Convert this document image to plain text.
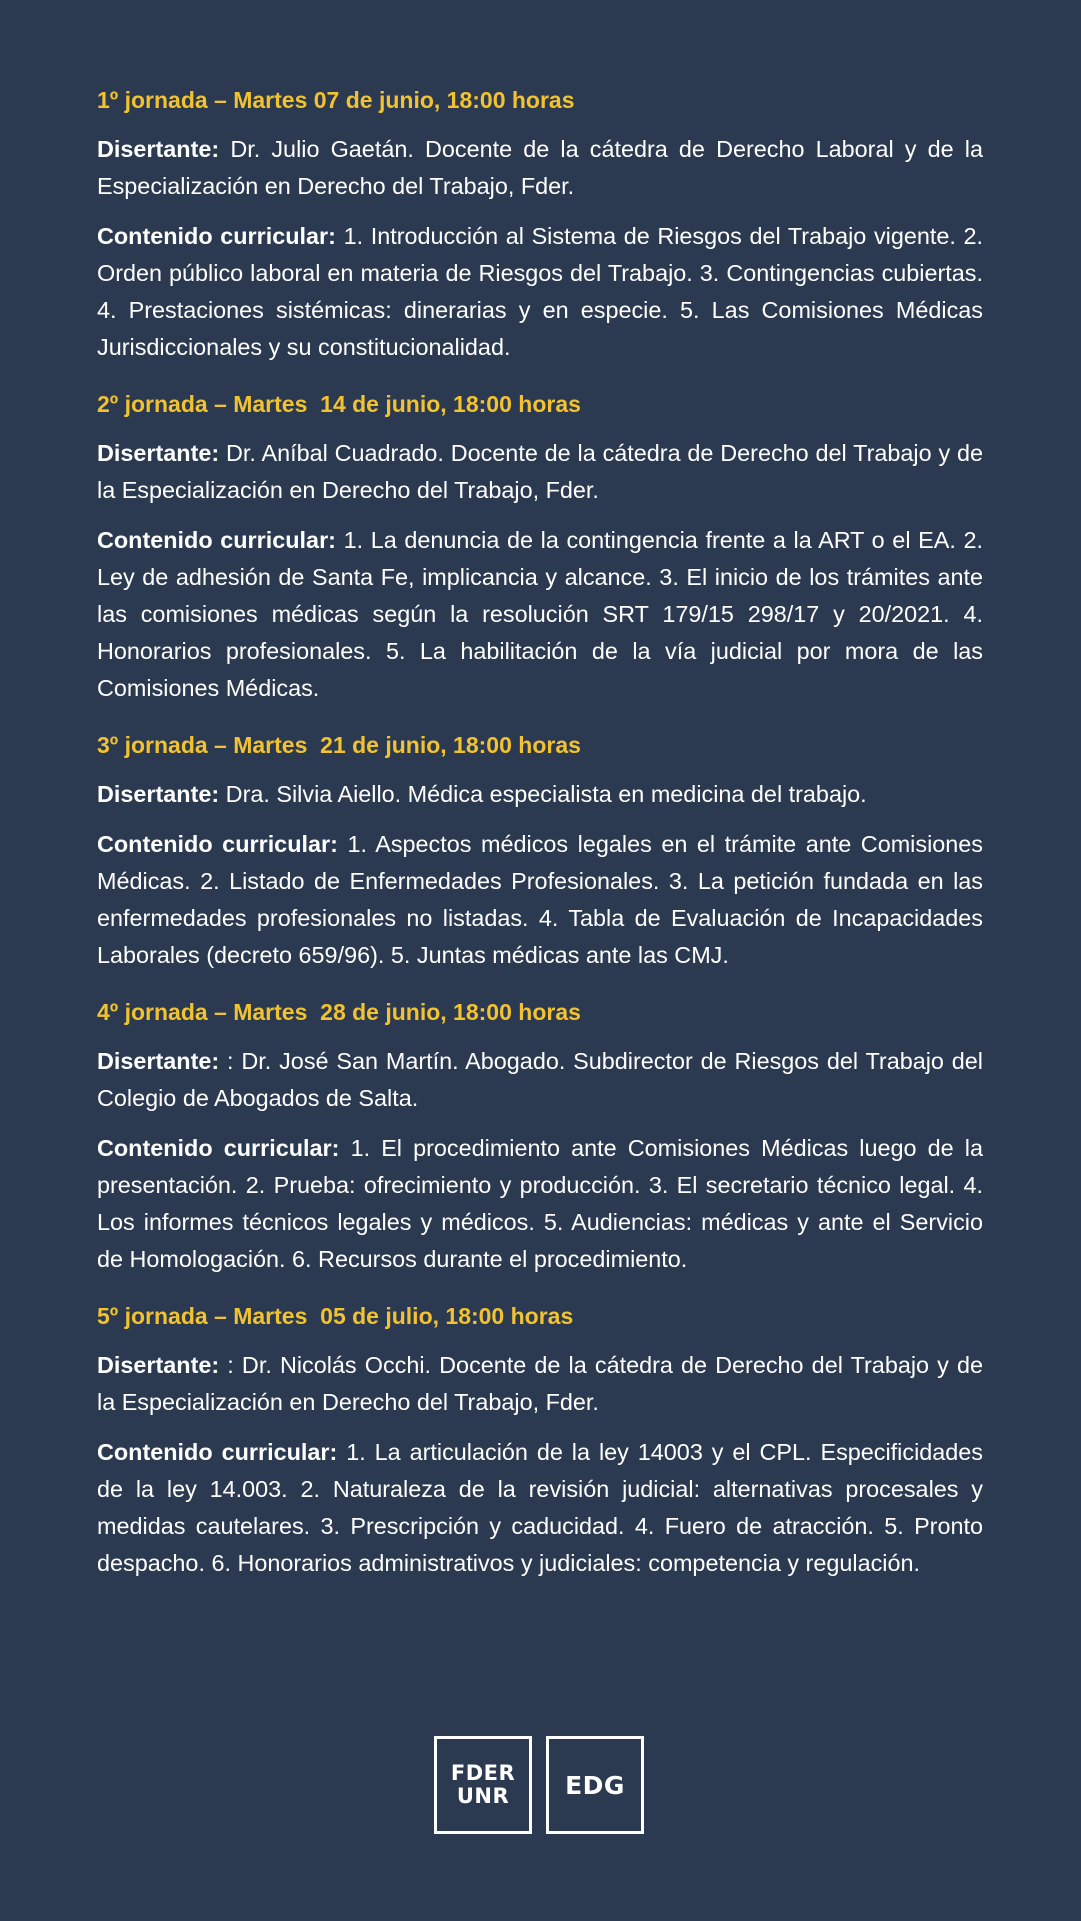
1º jornada – Martes 07 de junio, 18:00 horas

Disertante: Dr. Julio Gaetán. Docente de la cátedra de Derecho Laboral y de la Especialización en Derecho del Trabajo, Fder.

Contenido curricular: 1. Introducción al Sistema de Riesgos del Trabajo vigente. 2. Orden público laboral en materia de Riesgos del Trabajo. 3. Contingencias cubiertas. 4. Prestaciones sistémicas: dinerarias y en especie. 5. Las Comisiones Médicas Jurisdiccionales y su constitucionalidad.

2º jornada – Martes  14 de junio, 18:00 horas

Disertante: Dr. Aníbal Cuadrado. Docente de la cátedra de Derecho del Trabajo y de la Especialización en Derecho del Trabajo, Fder.

Contenido curricular: 1. La denuncia de la contingencia frente a la ART o el EA. 2. Ley de adhesión de Santa Fe, implicancia y alcance. 3. El inicio de los trámites ante las comisiones médicas según la resolución SRT 179/15 298/17 y 20/2021. 4. Honorarios profesionales. 5. La habilitación de la vía judicial por mora de las Comisiones Médicas.

3º jornada – Martes  21 de junio, 18:00 horas

Disertante: Dra. Silvia Aiello. Médica especialista en medicina del trabajo.

Contenido curricular: 1. Aspectos médicos legales en el trámite ante Comisiones Médicas. 2. Listado de Enfermedades Profesionales. 3. La petición fundada en las enfermedades profesionales no listadas. 4. Tabla de Evaluación de Incapacidades Laborales (decreto 659/96). 5. Juntas médicas ante las CMJ.

4º jornada – Martes  28 de junio, 18:00 horas

Disertante: : Dr. José San Martín. Abogado. Subdirector de Riesgos del Trabajo del Colegio de Abogados de Salta.

Contenido curricular: 1. El procedimiento ante Comisiones Médicas luego de la presentación. 2. Prueba: ofrecimiento y producción. 3. El secretario técnico legal. 4. Los informes técnicos legales y médicos. 5. Audiencias: médicas y ante el Servicio de Homologación. 6. Recursos durante el procedimiento.

5º jornada – Martes  05 de julio, 18:00 horas

Disertante: : Dr. Nicolás Occhi. Docente de la cátedra de Derecho del Trabajo y de la Especialización en Derecho del Trabajo, Fder.

Contenido curricular: 1. La articulación de la ley 14003 y el CPL. Especificidades de la ley 14.003. 2. Naturaleza de la revisión judicial: alternativas procesales y medidas cautelares. 3. Prescripción y caducidad. 4. Fuero de atracción. 5. Pronto despacho. 6. Honorarios administrativos y judiciales: competencia y regulación.

FDER
UNR EDG
